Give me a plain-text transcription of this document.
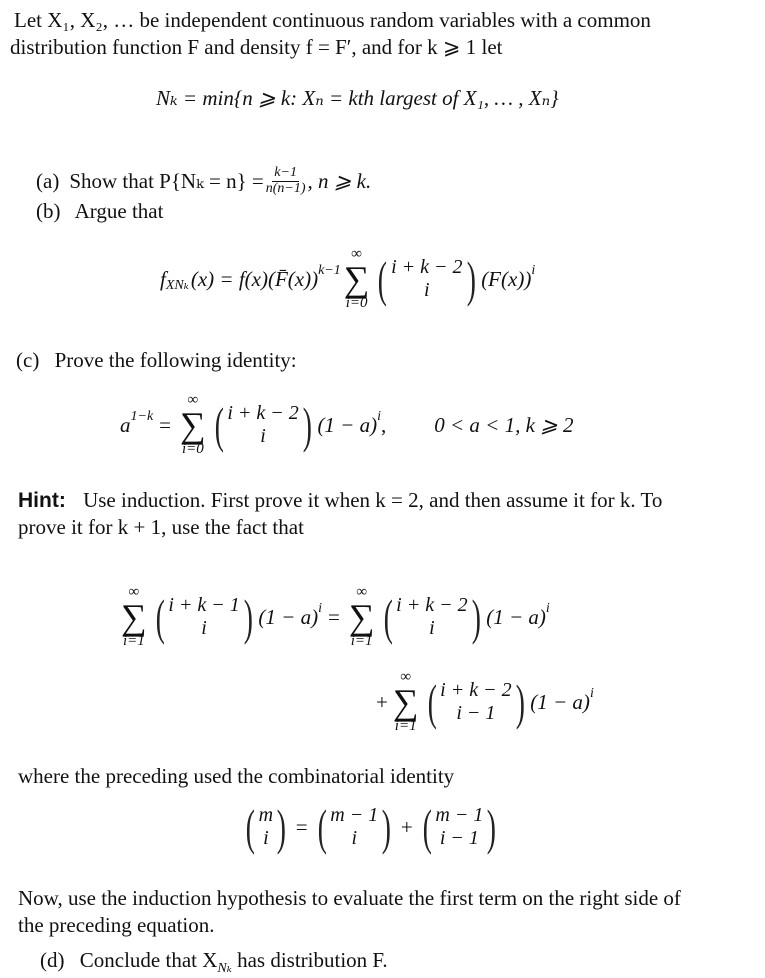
Let X₁, X₂, … be independent continuous random variables with a common
distribution function F and density f = F′, and for k ⩾ 1 let
Nₖ = min{n ⩾ k: Xₙ = kth largest of X₁, … , Xₙ}
(a) Show that $P\{N_k = n\} = \frac{k-1}{n(n-1)}$ , n ⩾ k.
(b) Argue that
$f_{XN_k}$ (x) = f(x)(F̄(x))$^{k-1}$
∞
∑
i=0 ( i + k − 2
i ) $(F(x))^i$
(c) Prove the following identity:
$a^{1-k}$ =
∞
∑
i=0 ( i + k − 2
i ) $(1 - a)^i$ , 0 < a < 1, k ⩾ 2
Hint: Use induction. First prove it when k = 2, and then assume it for k. To
prove it for k + 1, use the fact that
∞
∑
i=1 ( i + k − 1
i ) $(1 - a)^i$ =
∞
∑
i=1 ( i + k − 2
i ) $(1 - a)^i$
+
∞
∑
i=1 ( i + k − 2
i − 1 ) $(1 - a)^i$
where the preceding used the combinatorial identity
( m
i ) = ( m − 1
i ) + ( m − 1
i − 1 )
Now, use the induction hypothesis to evaluate the first term on the right side of
the preceding equation.
(d) Conclude that $X_{N_k}$ has distribution F.
